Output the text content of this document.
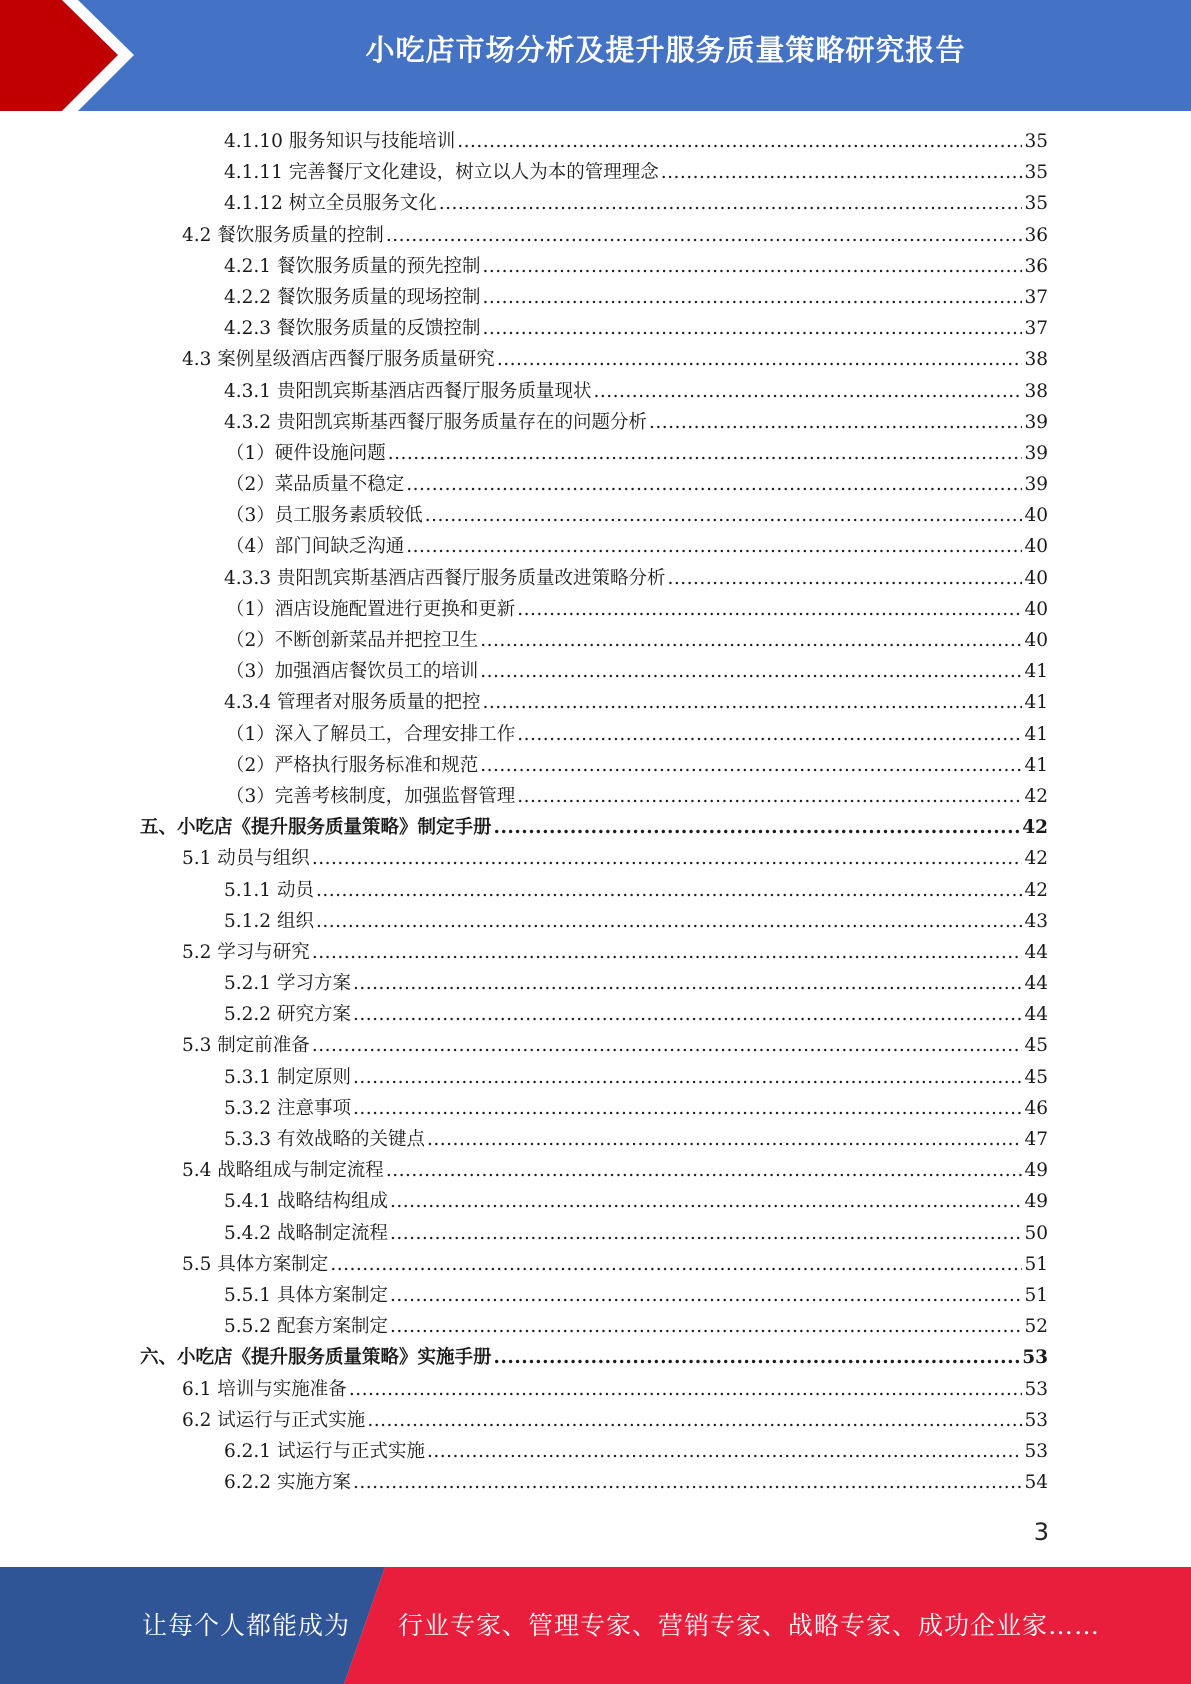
小吃店市场分析及提升服务质量策略研究报告
4.1.10 服务知识与技能培训 .....	35
4.1.11 完善餐厅文化建设，树立以人为本的管理理念 .....	35
4.1.12 树立全员服务文化 .....	35
4.2 餐饮服务质量的控制 .....	36
4.2.1 餐饮服务质量的预先控制 .....	36
4.2.2 餐饮服务质量的现场控制 .....	37
4.2.3 餐饮服务质量的反馈控制 .....	37
4.3 案例星级酒店西餐厅服务质量研究 .....	38
4.3.1 贵阳凯宾斯基酒店西餐厅服务质量现状 .....	38
4.3.2 贵阳凯宾斯基西餐厅服务质量存在的问题分析 .....	39
（1）硬件设施问题 .....	39
（2）菜品质量不稳定 .....	39
（3）员工服务素质较低 .....	40
（4）部门间缺乏沟通 .....	40
4.3.3 贵阳凯宾斯基酒店西餐厅服务质量改进策略分析 .....	40
（1）酒店设施配置进行更换和更新 .....	40
（2）不断创新菜品并把控卫生 .....	40
（3）加强酒店餐饮员工的培训 .....	41
4.3.4 管理者对服务质量的把控 .....	41
（1）深入了解员工，合理安排工作 .....	41
（2）严格执行服务标准和规范 .....	41
（3）完善考核制度，加强监督管理 .....	42
五、小吃店《提升服务质量策略》制定手册 .....	42
5.1 动员与组织 .....	42
5.1.1 动员 .....	42
5.1.2 组织 .....	43
5.2 学习与研究 .....	44
5.2.1 学习方案 .....	44
5.2.2 研究方案 .....	44
5.3 制定前准备 .....	45
5.3.1 制定原则 .....	45
5.3.2 注意事项 .....	46
5.3.3 有效战略的关键点 .....	47
5.4 战略组成与制定流程 .....	49
5.4.1 战略结构组成 .....	49
5.4.2 战略制定流程 .....	50
5.5 具体方案制定 .....	51
5.5.1 具体方案制定 .....	51
5.5.2 配套方案制定 .....	52
六、小吃店《提升服务质量策略》实施手册 .....	53
6.1 培训与实施准备 .....	53
6.2 试运行与正式实施 .....	53
6.2.1 试运行与正式实施 .....	53
6.2.2 实施方案 .....	54
3
让每个人都能成为 行业专家、管理专家、营销专家、战略专家、成功企业家……
